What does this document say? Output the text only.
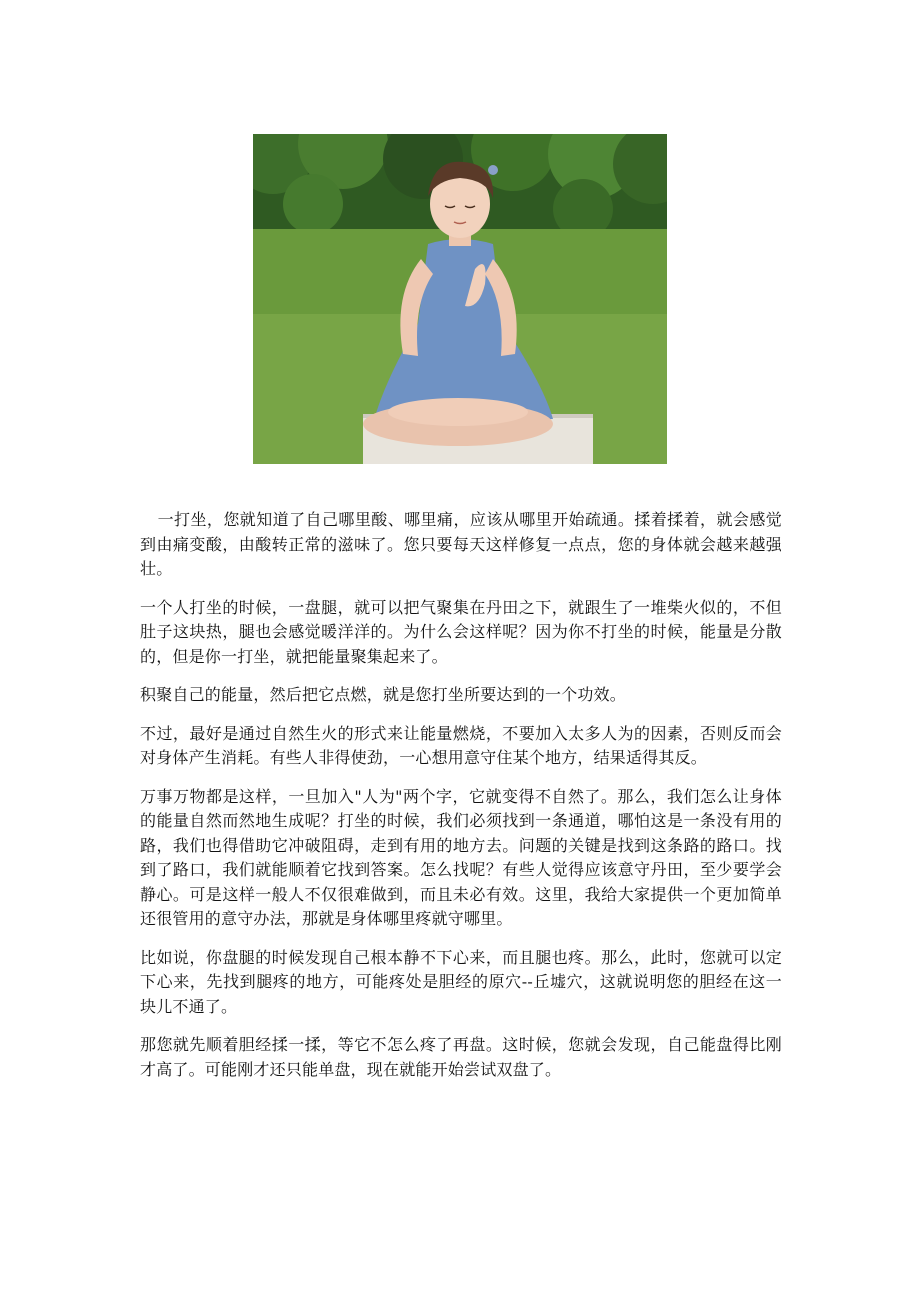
一打坐，您就知道了自己哪里酸、哪里痛，应该从哪里开始疏通。揉着揉着，就会感觉到由痛变酸，由酸转正常的滋味了。您只要每天这样修复一点点，您的身体就会越来越强壮。

一个人打坐的时候，一盘腿，就可以把气聚集在丹田之下，就跟生了一堆柴火似的，不但肚子这块热，腿也会感觉暖洋洋的。为什么会这样呢？因为你不打坐的时候，能量是分散的，但是你一打坐，就把能量聚集起来了。

积聚自己的能量，然后把它点燃，就是您打坐所要达到的一个功效。

不过，最好是通过自然生火的形式来让能量燃烧，不要加入太多人为的因素，否则反而会对身体产生消耗。有些人非得使劲，一心想用意守住某个地方，结果适得其反。

万事万物都是这样，一旦加入"人为"两个字，它就变得不自然了。那么，我们怎么让身体的能量自然而然地生成呢？打坐的时候，我们必须找到一条通道，哪怕这是一条没有用的路，我们也得借助它冲破阻碍，走到有用的地方去。问题的关键是找到这条路的路口。找到了路口，我们就能顺着它找到答案。怎么找呢？有些人觉得应该意守丹田，至少要学会静心。可是这样一般人不仅很难做到，而且未必有效。这里，我给大家提供一个更加简单还很管用的意守办法，那就是身体哪里疼就守哪里。

比如说，你盘腿的时候发现自己根本静不下心来，而且腿也疼。那么，此时，您就可以定下心来，先找到腿疼的地方，可能疼处是胆经的原穴--丘墟穴，这就说明您的胆经在这一块儿不通了。

那您就先顺着胆经揉一揉，等它不怎么疼了再盘。这时候，您就会发现，自己能盘得比刚才高了。可能刚才还只能单盘，现在就能开始尝试双盘了。
